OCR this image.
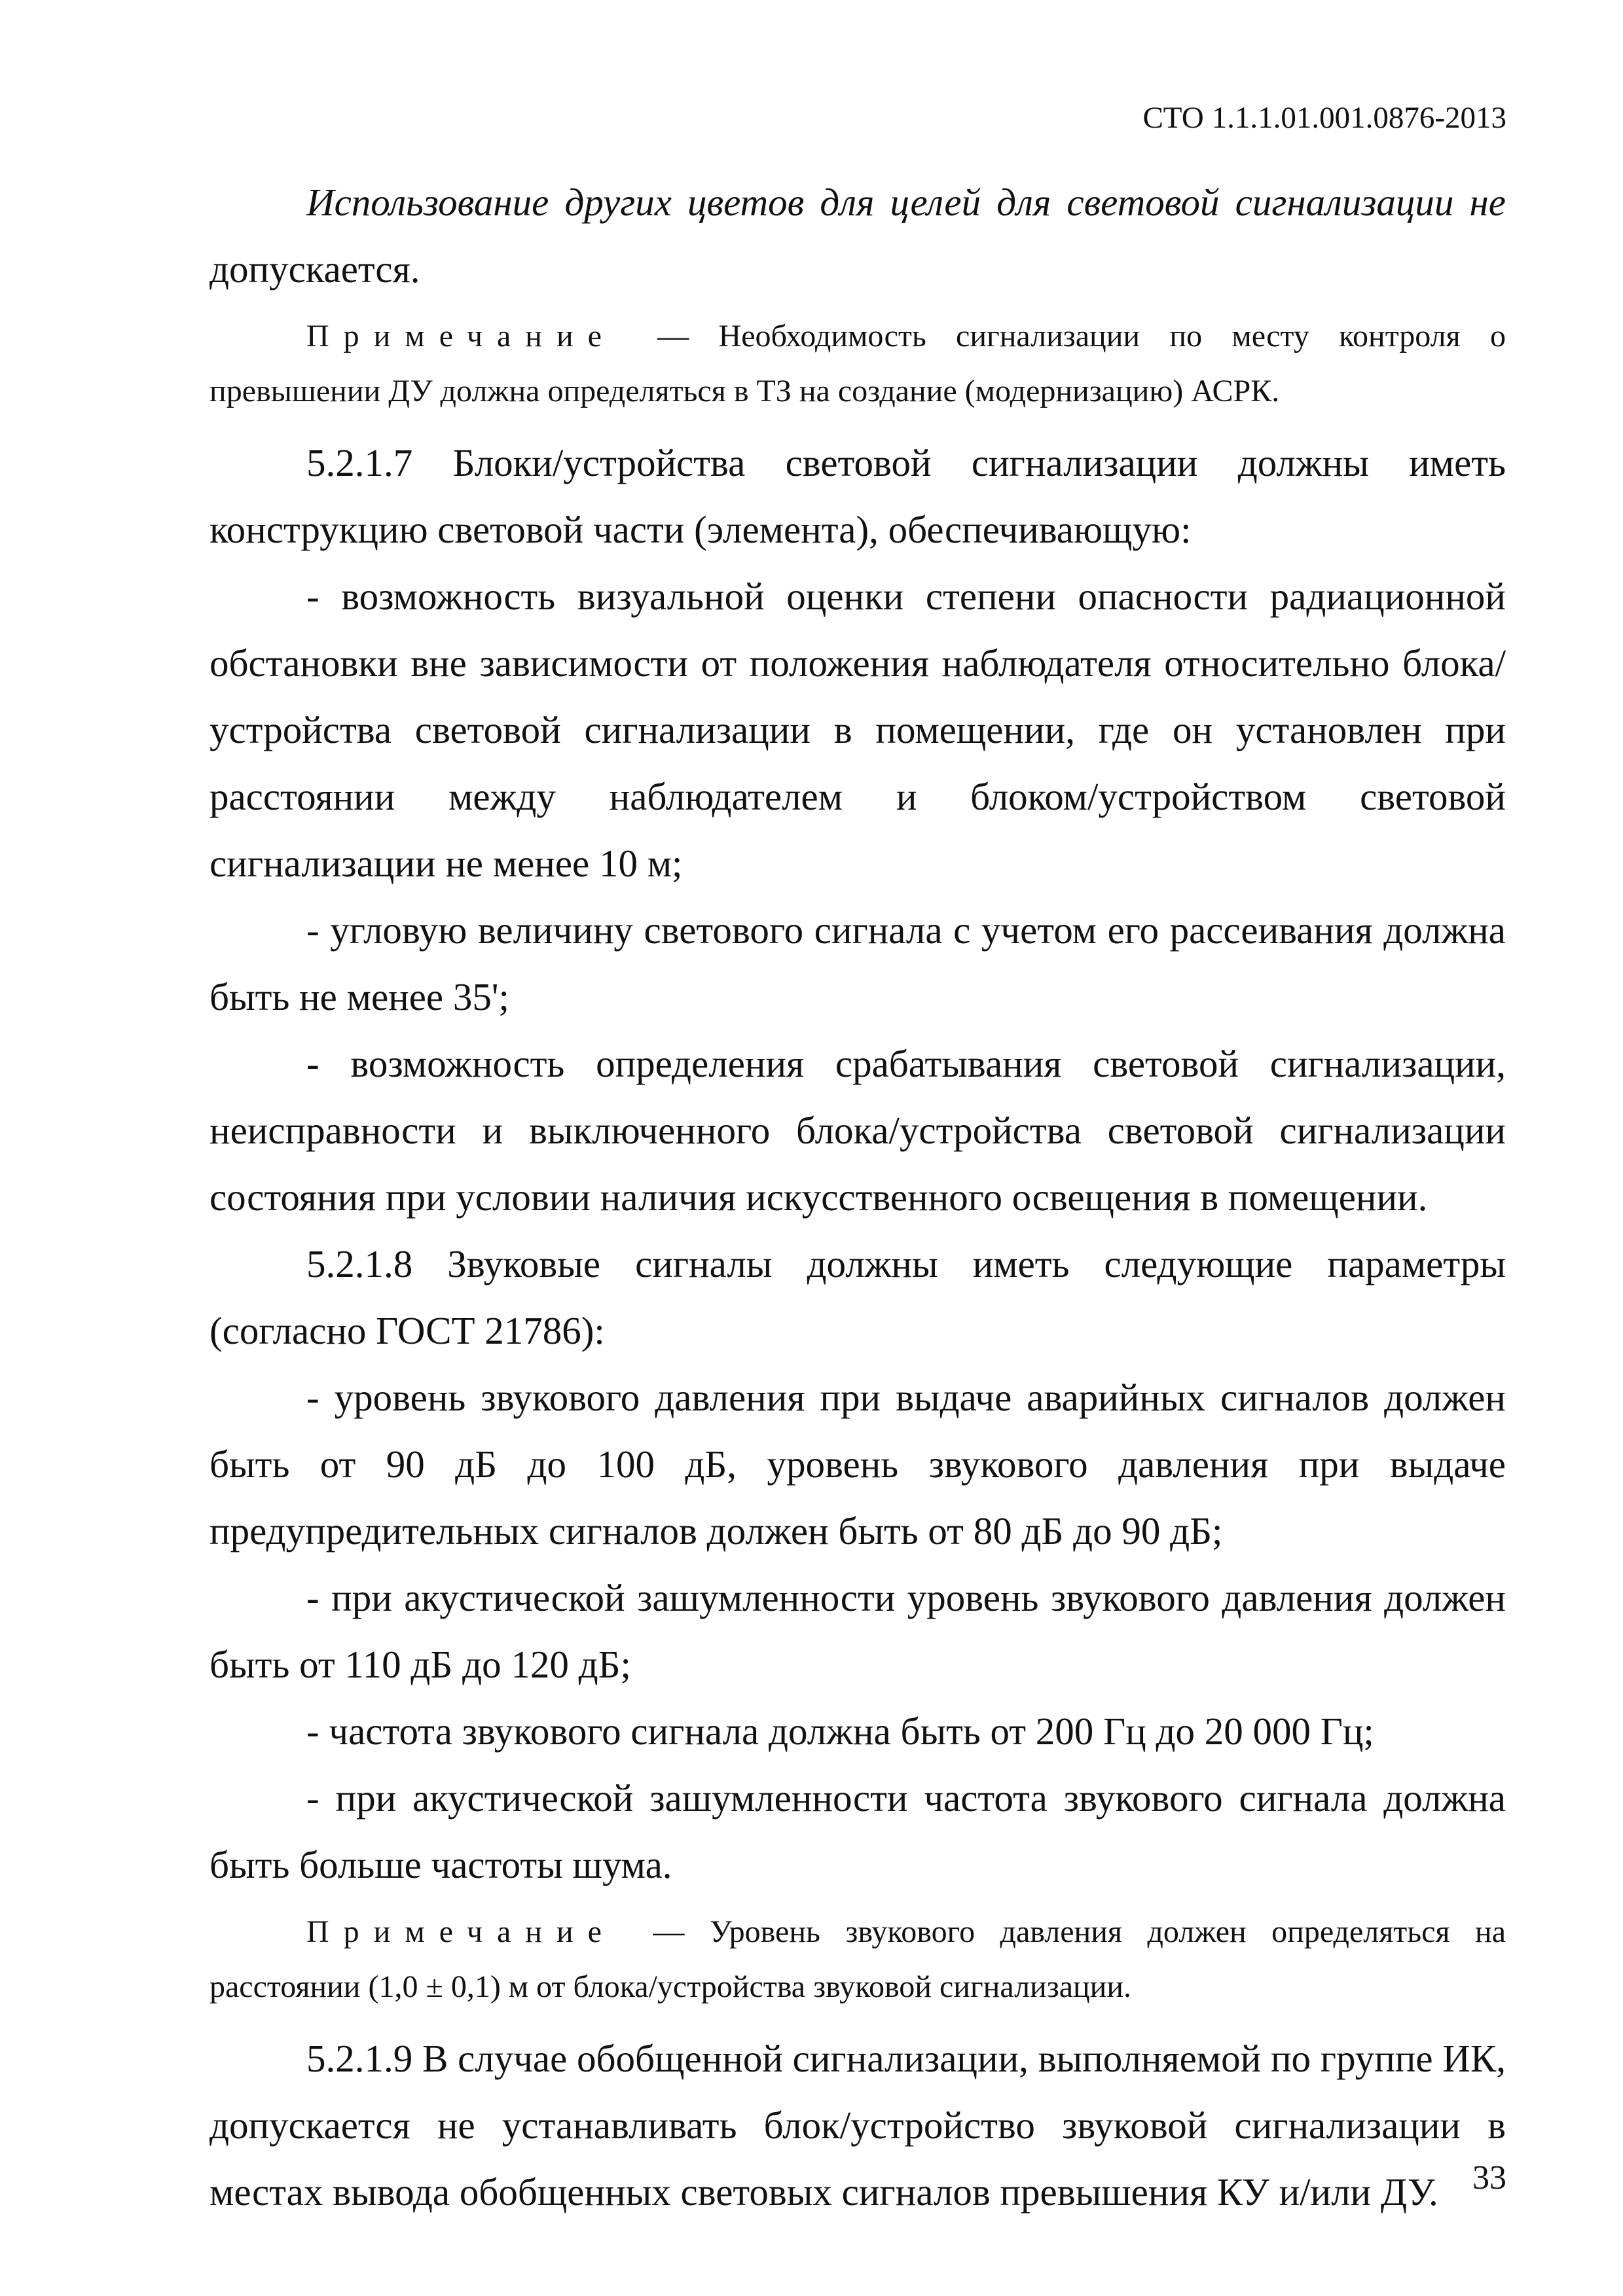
СТО 1.1.1.01.001.0876-2013

Использование других цветов для целей для световой сигнализации не допускается.

Примечание — Необходимость сигнализации по месту контроля о превышении ДУ должна определяться в ТЗ на создание (модернизацию) АСРК.

5.2.1.7 Блоки/устройства световой сигнализации должны иметь конструкцию световой части (элемента), обеспечивающую:

- возможность визуальной оценки степени опасности радиационной обстановки вне зависимости от положения наблюдателя относительно блока/устройства световой сигнализации в помещении, где он установлен при расстоянии между наблюдателем и блоком/устройством световой сигнализации не менее 10 м;

- угловую величину светового сигнала с учетом его рассеивания должна быть не менее 35';

- возможность определения срабатывания световой сигнализации, неисправности и выключенного блока/устройства световой сигнализации состояния при условии наличия искусственного освещения в помещении.

5.2.1.8 Звуковые сигналы должны иметь следующие параметры (согласно ГОСТ 21786):

- уровень звукового давления при выдаче аварийных сигналов должен быть от 90 дБ до 100 дБ, уровень звукового давления при выдаче предупредительных сигналов должен быть от 80 дБ до 90 дБ;

- при акустической зашумленности уровень звукового давления должен быть от 110 дБ до 120 дБ;

- частота звукового сигнала должна быть от 200 Гц до 20 000 Гц;

- при акустической зашумленности частота звукового сигнала должна быть больше частоты шума.

Примечание — Уровень звукового давления должен определяться на расстоянии (1,0 ± 0,1) м от блока/устройства звуковой сигнализации.

5.2.1.9 В случае обобщенной сигнализации, выполняемой по группе ИК, допускается не устанавливать блок/устройство звуковой сигнализации в местах вывода обобщенных световых сигналов превышения КУ и/или ДУ.	33
